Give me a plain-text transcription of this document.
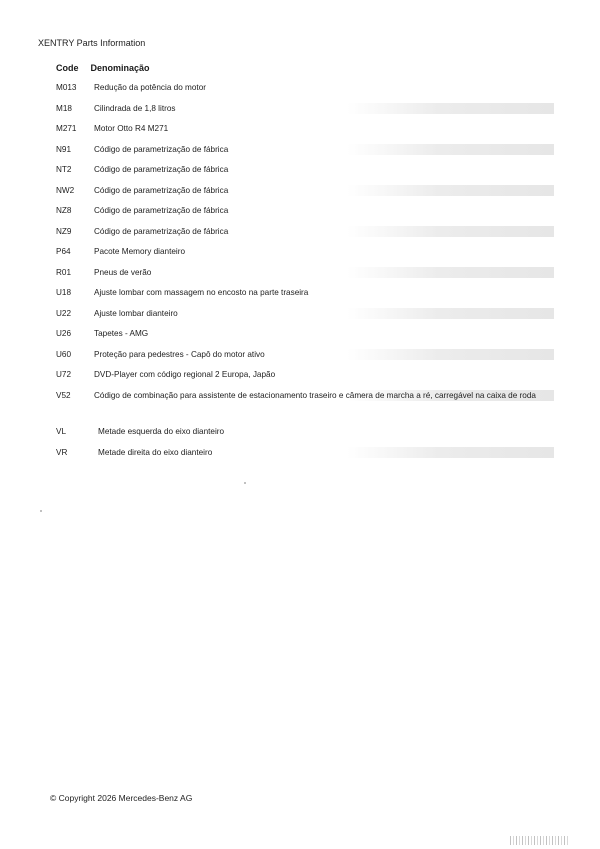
XENTRY Parts Information
Code Denominação
M013	Redução da potência do motor
M18	Cilindrada de 1,8 litros
M271	Motor Otto R4 M271
N91	Código de parametrização de fábrica
NT2	Código de parametrização de fábrica
NW2	Código de parametrização de fábrica
NZ8	Código de parametrização de fábrica
NZ9	Código de parametrização de fábrica
P64	Pacote Memory dianteiro
R01	Pneus de verão
U18	Ajuste lombar com massagem no encosto na parte traseira
U22	Ajuste lombar dianteiro
U26	Tapetes - AMG
U60	Proteção para pedestres - Capô do motor ativo
U72	DVD-Player com código regional 2 Europa, Japão
V52	Código de combinação para assistente de estacionamento traseiro e câmera de marcha a ré, carregável na caixa de roda
VL	Metade esquerda do eixo dianteiro
VR	Metade direita do eixo dianteiro
© Copyright 2026 Mercedes-Benz AG
